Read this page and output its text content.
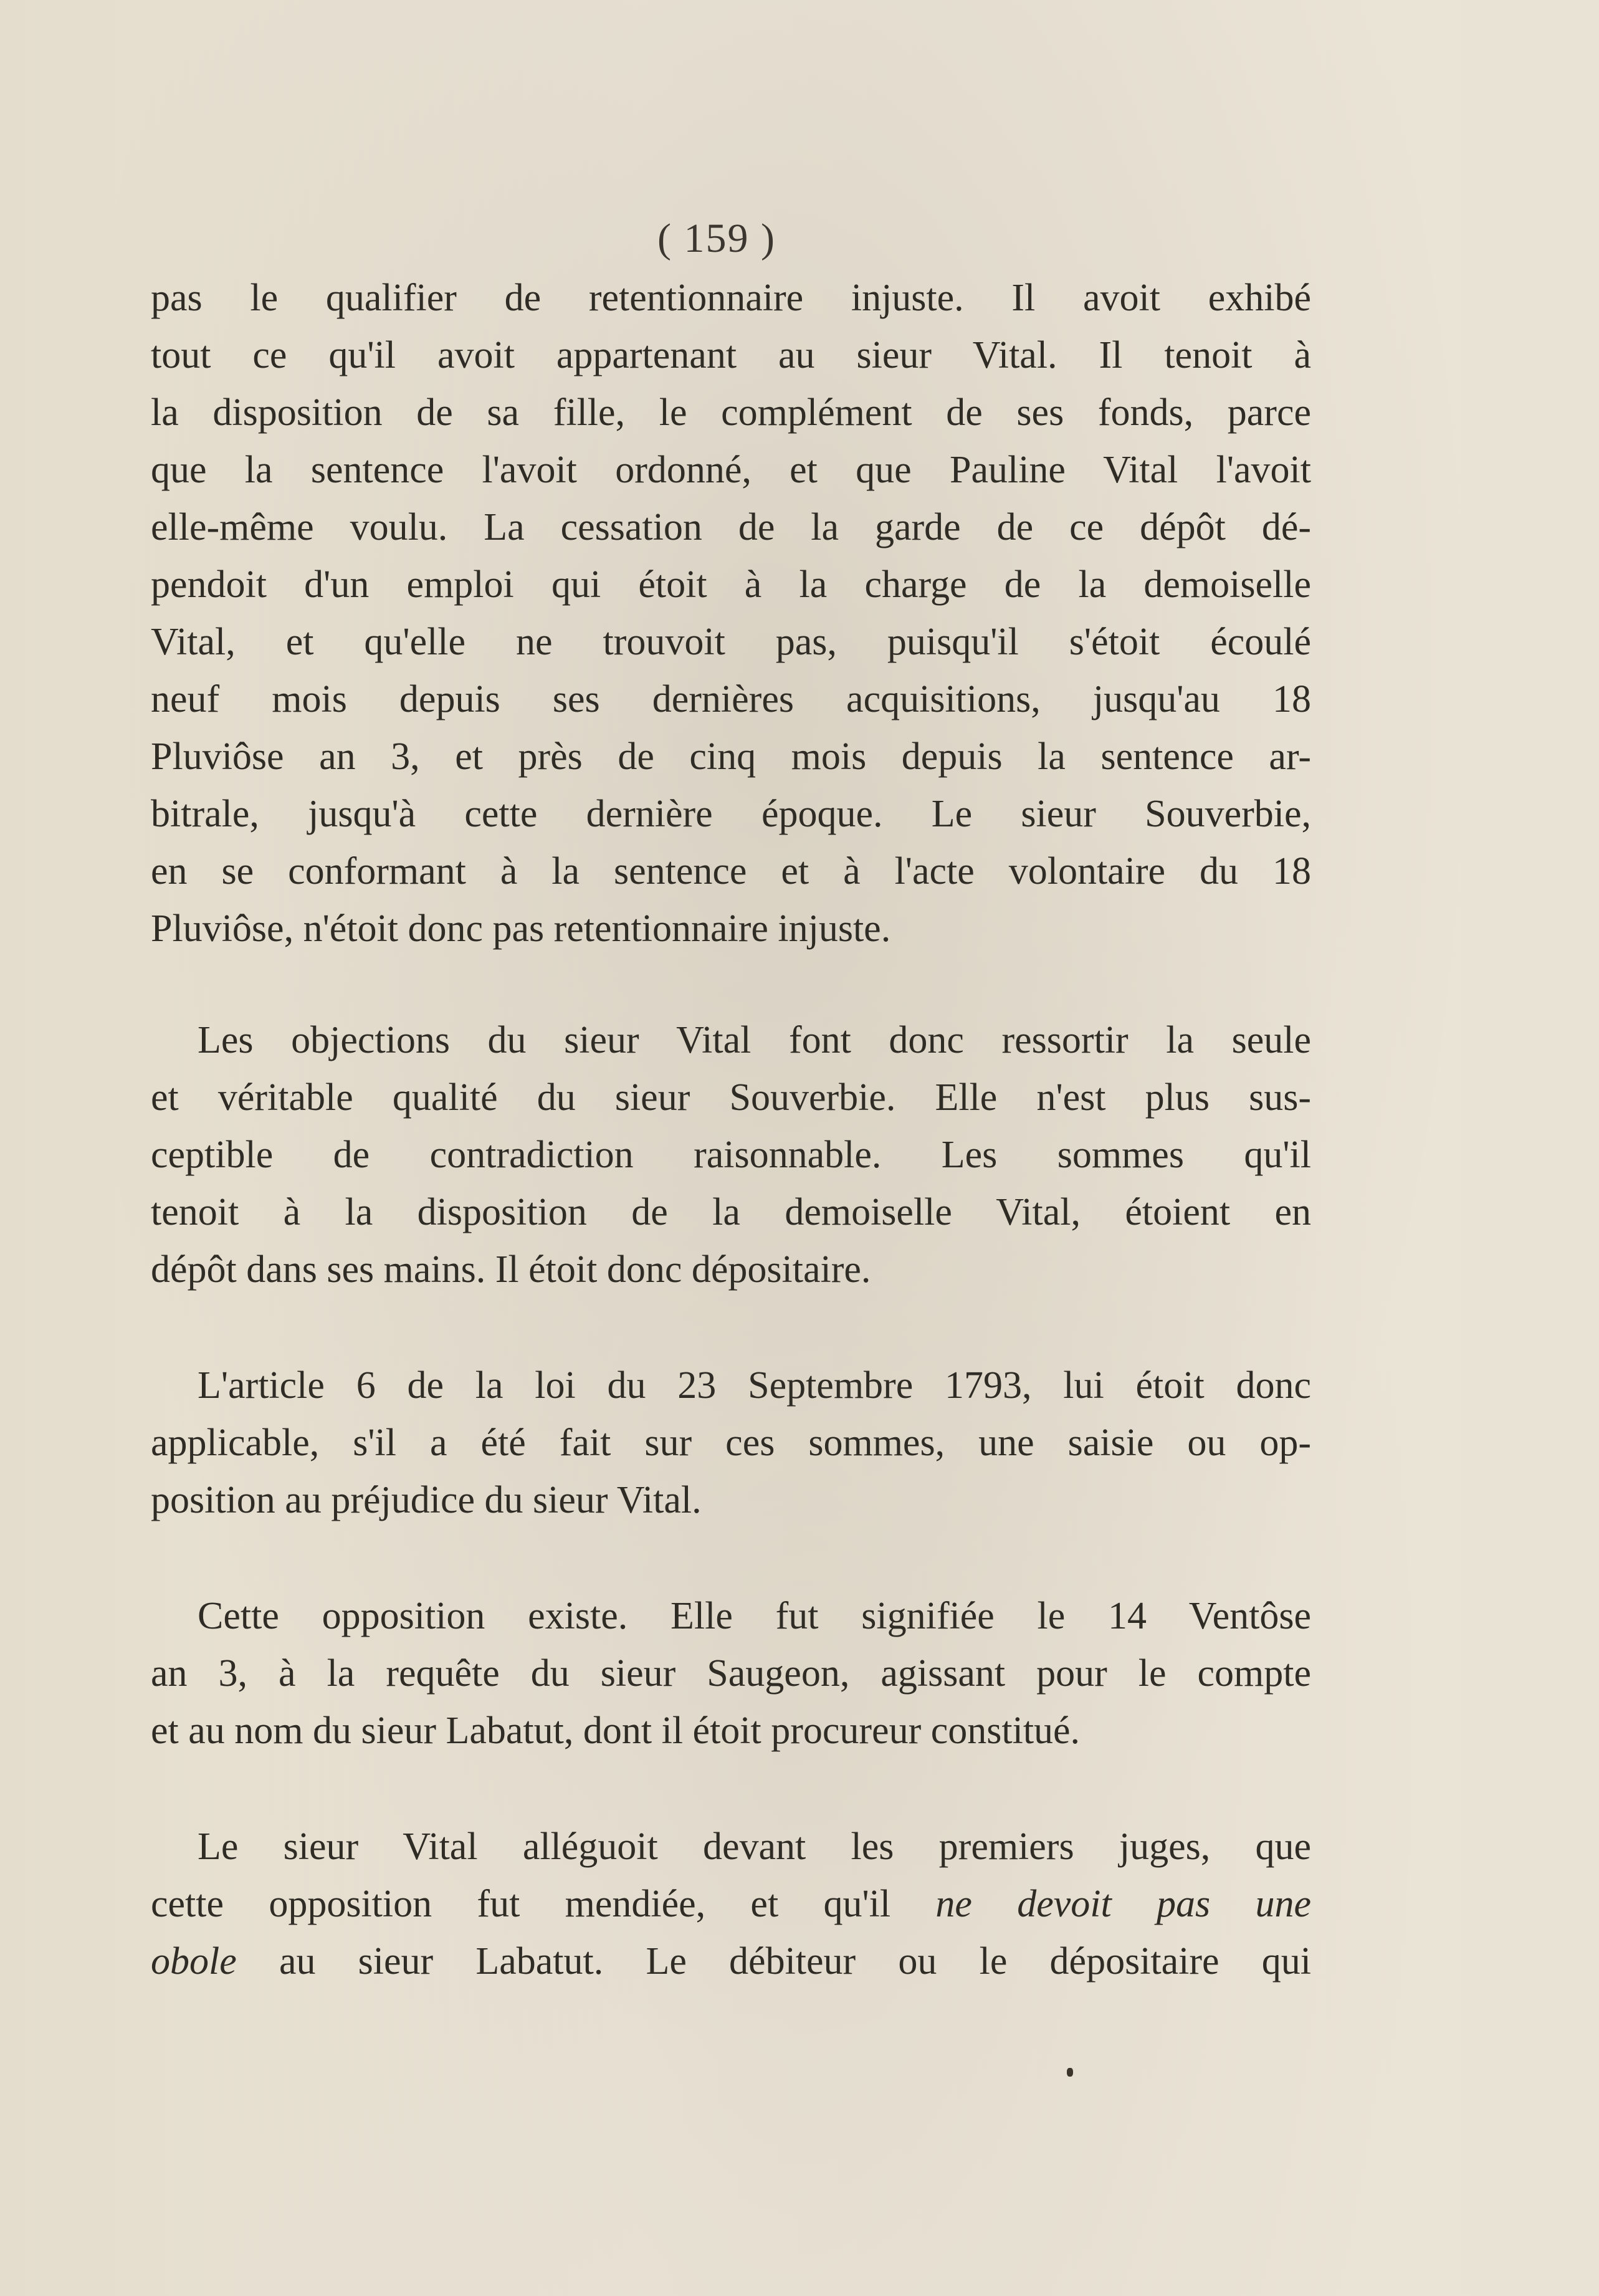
( 159 )
pas le qualifier de retentionnaire injuste. Il avoit exhibé
tout ce qu'il avoit appartenant au sieur Vital. Il tenoit à
la disposition de sa fille, le complément de ses fonds, parce
que la sentence l'avoit ordonné, et que Pauline Vital l'avoit
elle-même voulu. La cessation de la garde de ce dépôt dé-
pendoit d'un emploi qui étoit à la charge de la demoiselle
Vital, et qu'elle ne trouvoit pas, puisqu'il s'étoit écoulé
neuf mois depuis ses dernières acquisitions, jusqu'au 18
Pluviôse an 3, et près de cinq mois depuis la sentence ar-
bitrale, jusqu'à cette dernière époque. Le sieur Souverbie,
en se conformant à la sentence et à l'acte volontaire du 18
Pluviôse, n'étoit donc pas retentionnaire injuste.
Les objections du sieur Vital font donc ressortir la seule
et véritable qualité du sieur Souverbie. Elle n'est plus sus-
ceptible de contradiction raisonnable. Les sommes qu'il
tenoit à la disposition de la demoiselle Vital, étoient en
dépôt dans ses mains. Il étoit donc dépositaire.
L'article 6 de la loi du 23 Septembre 1793, lui étoit donc
applicable, s'il a été fait sur ces sommes, une saisie ou op-
position au préjudice du sieur Vital.
Cette opposition existe. Elle fut signifiée le 14 Ventôse
an 3, à la requête du sieur Saugeon, agissant pour le compte
et au nom du sieur Labatut, dont il étoit procureur constitué.
Le sieur Vital alléguoit devant les premiers juges, que
cette opposition fut mendiée, et qu'il ne devoit pas une
obole au sieur Labatut. Le débiteur ou le dépositaire qui
